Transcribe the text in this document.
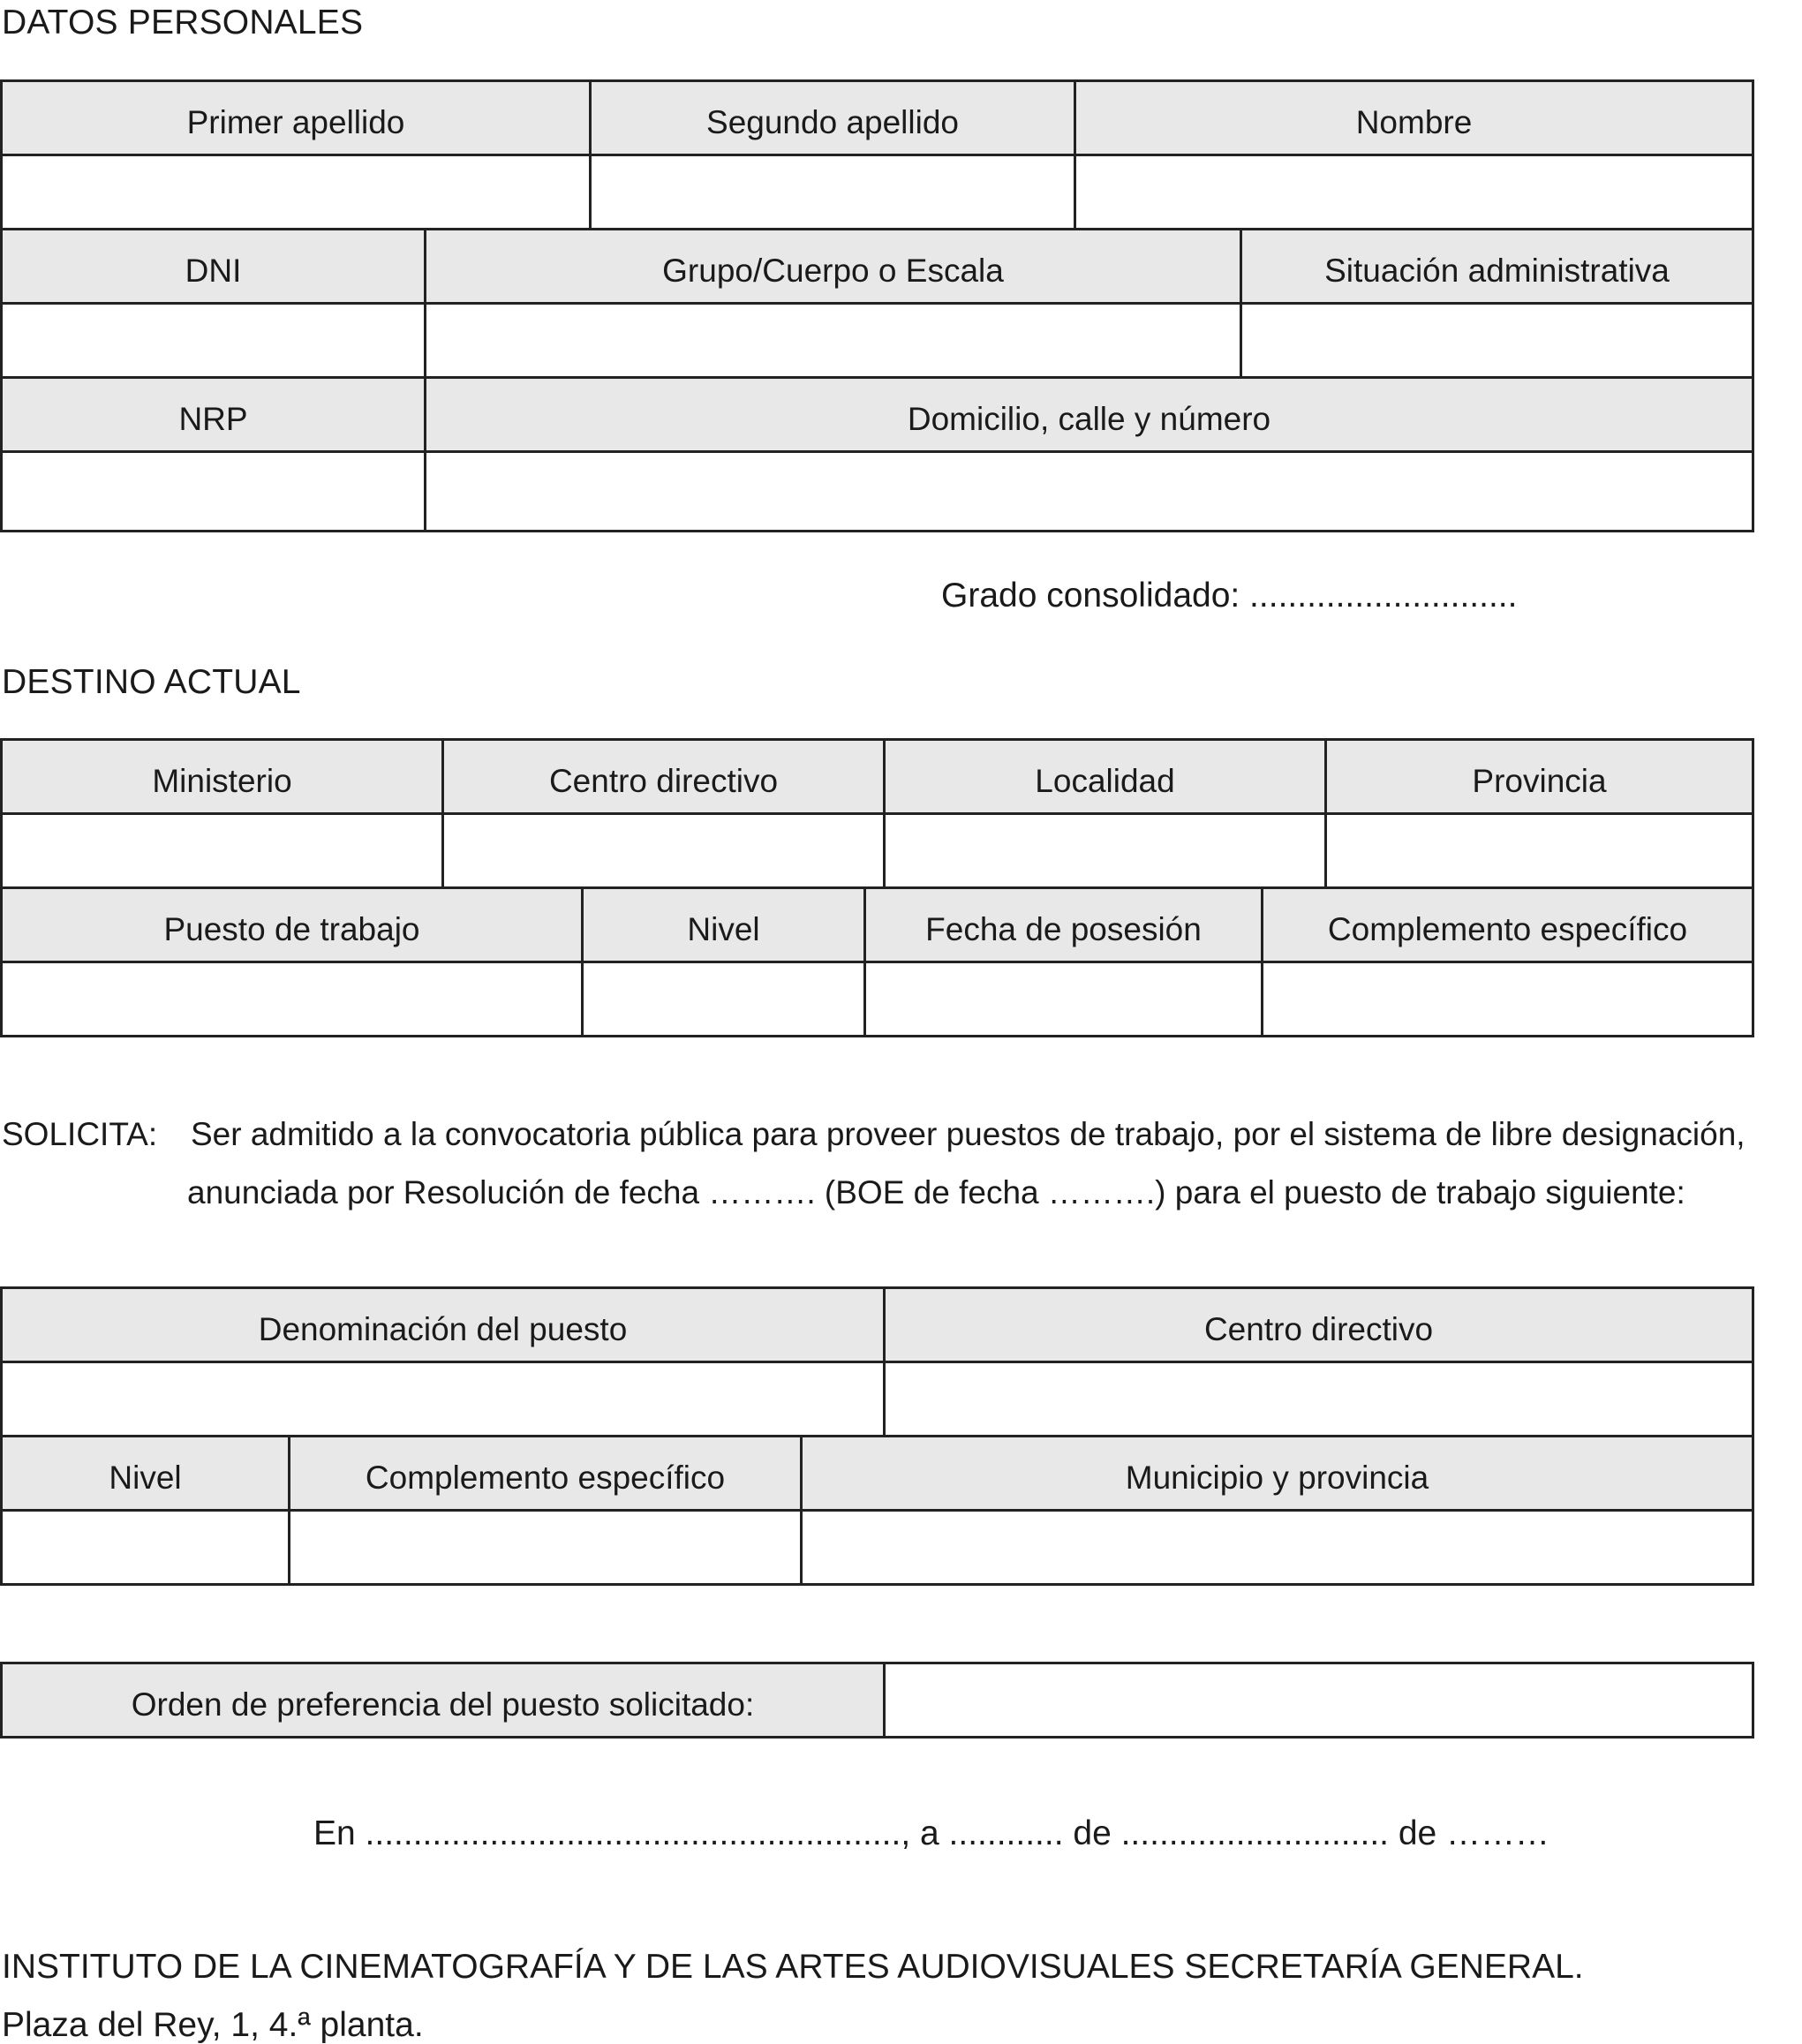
DATOS PERSONALES
Primer apellido	Segundo apellido	Nombre

DNI	Grupo/Cuerpo o Escala	Situación administrativa

NRP	Domicilio, calle y número

Grado consolidado: ............................
DESTINO ACTUAL
Ministerio	Centro directivo	Localidad	Provincia

Puesto de trabajo	Nivel	Fecha de posesión	Complemento específico

SOLICITA: Ser admitido a la convocatoria pública para proveer puestos de trabajo, por el sistema de libre designación,
anunciada por Resolución de fecha ………. (BOE de fecha ……….) para el puesto de trabajo siguiente:
Denominación del puesto	Centro directivo

Nivel	Complemento específico	Municipio y provincia

Orden de preferencia del puesto solicitado:	
En ........................................................, a ............ de ............................ de ………
INSTITUTO DE LA CINEMATOGRAFÍA Y DE LAS ARTES AUDIOVISUALES SECRETARÍA GENERAL.
Plaza del Rey, 1, 4.ª planta.
